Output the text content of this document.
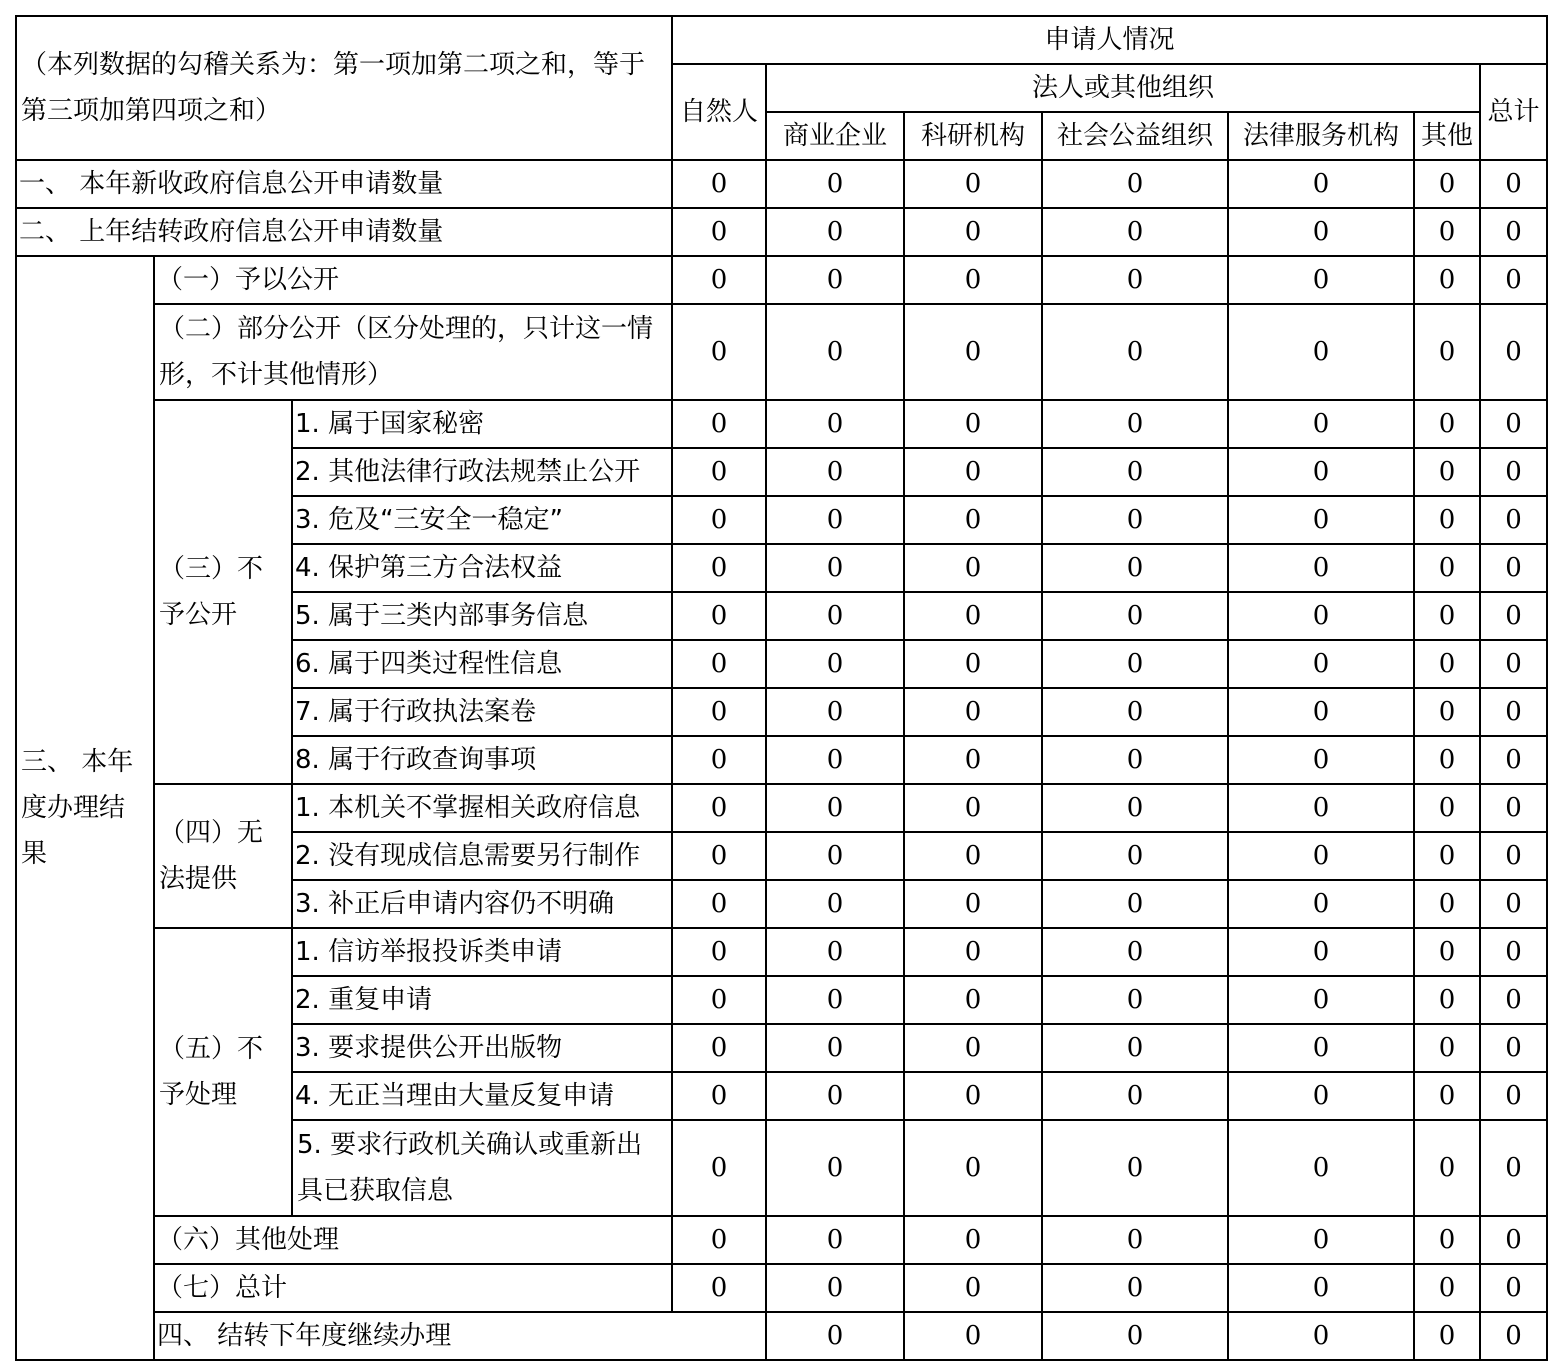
（本列数据的勾稽关系为：第一项加第二项之和，等于第三项加第四项之和）			申请人情况							
			自然人	法人或其他组织					总计	
				商业企业	科研机构	社会公益组织	法律服务机构	其他		
一、 本年新收政府信息公开申请数量			0	0	0	0	0	0	0	
二、 上年结转政府信息公开申请数量			0	0	0	0	0	0	0	
三、 本年度办理结果	（一）予以公开		0	0	0	0	0	0	0	
	（二）部分公开（区分处理的，只计这一情形，不计其他情形）		0	0	0	0	0	0	0	
	（三）不予公开	1. 属于国家秘密	0	0	0	0	0	0	0	
		2. 其他法律行政法规禁止公开	0	0	0	0	0	0	0	
		3. 危及“三安全一稳定”	0	0	0	0	0	0	0	
		4. 保护第三方合法权益	0	0	0	0	0	0	0	
		5. 属于三类内部事务信息	0	0	0	0	0	0	0	
		6. 属于四类过程性信息	0	0	0	0	0	0	0	
		7. 属于行政执法案卷	0	0	0	0	0	0	0	
		8. 属于行政查询事项	0	0	0	0	0	0	0	
	（四）无法提供	1. 本机关不掌握相关政府信息	0	0	0	0	0	0	0	
		2. 没有现成信息需要另行制作	0	0	0	0	0	0	0	
		3. 补正后申请内容仍不明确	0	0	0	0	0	0	0	
	（五）不予处理	1. 信访举报投诉类申请	0	0	0	0	0	0	0	
		2. 重复申请	0	0	0	0	0	0	0	
		3. 要求提供公开出版物	0	0	0	0	0	0	0	
		4. 无正当理由大量反复申请	0	0	0	0	0	0	0	
		5. 要求行政机关确认或重新出具已获取信息	0	0	0	0	0	0	0	
	（六）其他处理		0	0	0	0	0	0	0	
	（七）总计		0	0	0	0	0	0	0	
	四、 结转下年度继续办理			0	0	0	0	0	0	
